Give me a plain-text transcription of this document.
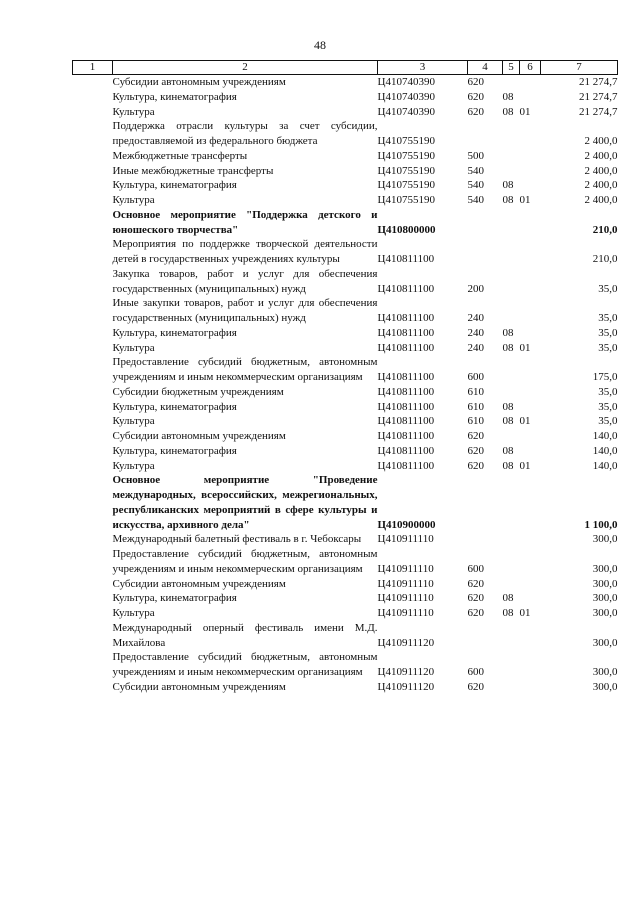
48
1	2	3	4	5	6	7
	Субсидии автономным учреждениям	Ц410740390	620			21 274,7
	Культура, кинематография	Ц410740390	620	08		21 274,7
	Культура	Ц410740390	620	08	01	21 274,7
	Поддержка отрасли культуры за счет субсидии, предоставляемой из федерального бюджета	Ц410755190				2 400,0
	Межбюджетные трансферты	Ц410755190	500			2 400,0
	Иные межбюджетные трансферты	Ц410755190	540			2 400,0
	Культура, кинематография	Ц410755190	540	08		2 400,0
	Культура	Ц410755190	540	08	01	2 400,0
	Основное мероприятие "Поддержка детского и юношеского творчества"	Ц410800000				210,0
	Мероприятия по поддержке творческой деятельности детей в государственных учреждениях культуры	Ц410811100				210,0
	Закупка товаров, работ и услуг для обеспечения государственных (муниципальных) нужд	Ц410811100	200			35,0
	Иные закупки товаров, работ и услуг для обеспечения государственных (муниципальных) нужд	Ц410811100	240			35,0
	Культура, кинематография	Ц410811100	240	08		35,0
	Культура	Ц410811100	240	08	01	35,0
	Предоставление субсидий бюджетным, автономным учреждениям и иным некоммерческим организациям	Ц410811100	600			175,0
	Субсидии бюджетным учреждениям	Ц410811100	610			35,0
	Культура, кинематография	Ц410811100	610	08		35,0
	Культура	Ц410811100	610	08	01	35,0
	Субсидии автономным учреждениям	Ц410811100	620			140,0
	Культура, кинематография	Ц410811100	620	08		140,0
	Культура	Ц410811100	620	08	01	140,0
	Основное мероприятие "Проведение международных, всероссийских, межрегиональных, республиканских мероприятий в сфере культуры и искусства, архивного дела"	Ц410900000				1 100,0
	Международный балетный фестиваль в г. Чебоксары	Ц410911110				300,0
	Предоставление субсидий бюджетным, автономным учреждениям и иным некоммерческим организациям	Ц410911110	600			300,0
	Субсидии автономным учреждениям	Ц410911110	620			300,0
	Культура, кинематография	Ц410911110	620	08		300,0
	Культура	Ц410911110	620	08	01	300,0
	Международный оперный фестиваль имени М.Д. Михайлова	Ц410911120				300,0
	Предоставление субсидий бюджетным, автономным учреждениям и иным некоммерческим организациям	Ц410911120	600			300,0
	Субсидии автономным учреждениям	Ц410911120	620			300,0
